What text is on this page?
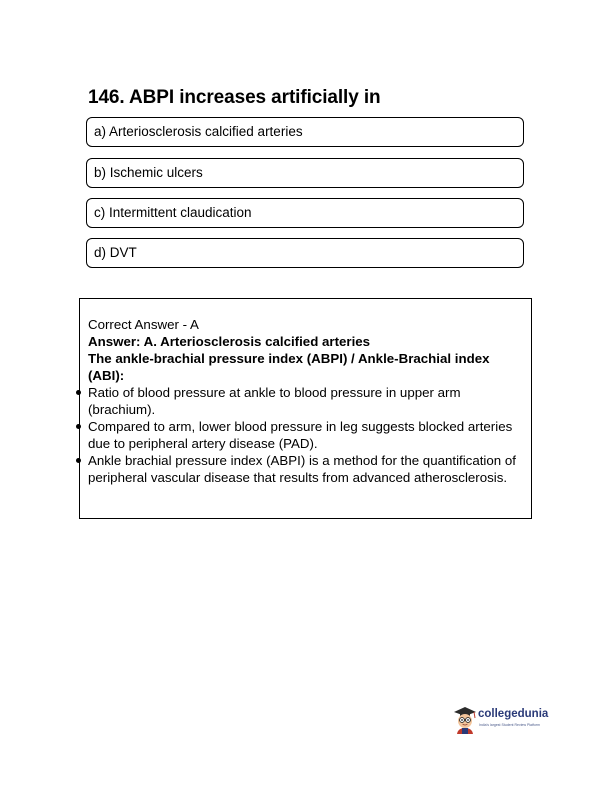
146. ABPI increases artificially in
a) Arteriosclerosis calcified arteries
b) Ischemic ulcers
c) Intermittent claudication
d) DVT

Correct Answer - A

Answer: A. Arteriosclerosis calcified arteries

The ankle-brachial pressure index (ABPI) / Ankle-Brachial index (ABI):

Ratio of blood pressure at ankle to blood pressure in upper arm (brachium).
Compared to arm, lower blood pressure in leg suggests blocked arteries due to peripheral artery disease (PAD).
Ankle brachial pressure index (ABPI) is a method for the quantification of peripheral vascular disease that results from advanced atherosclerosis.
collegedunia
India's largest Student Review Platform
